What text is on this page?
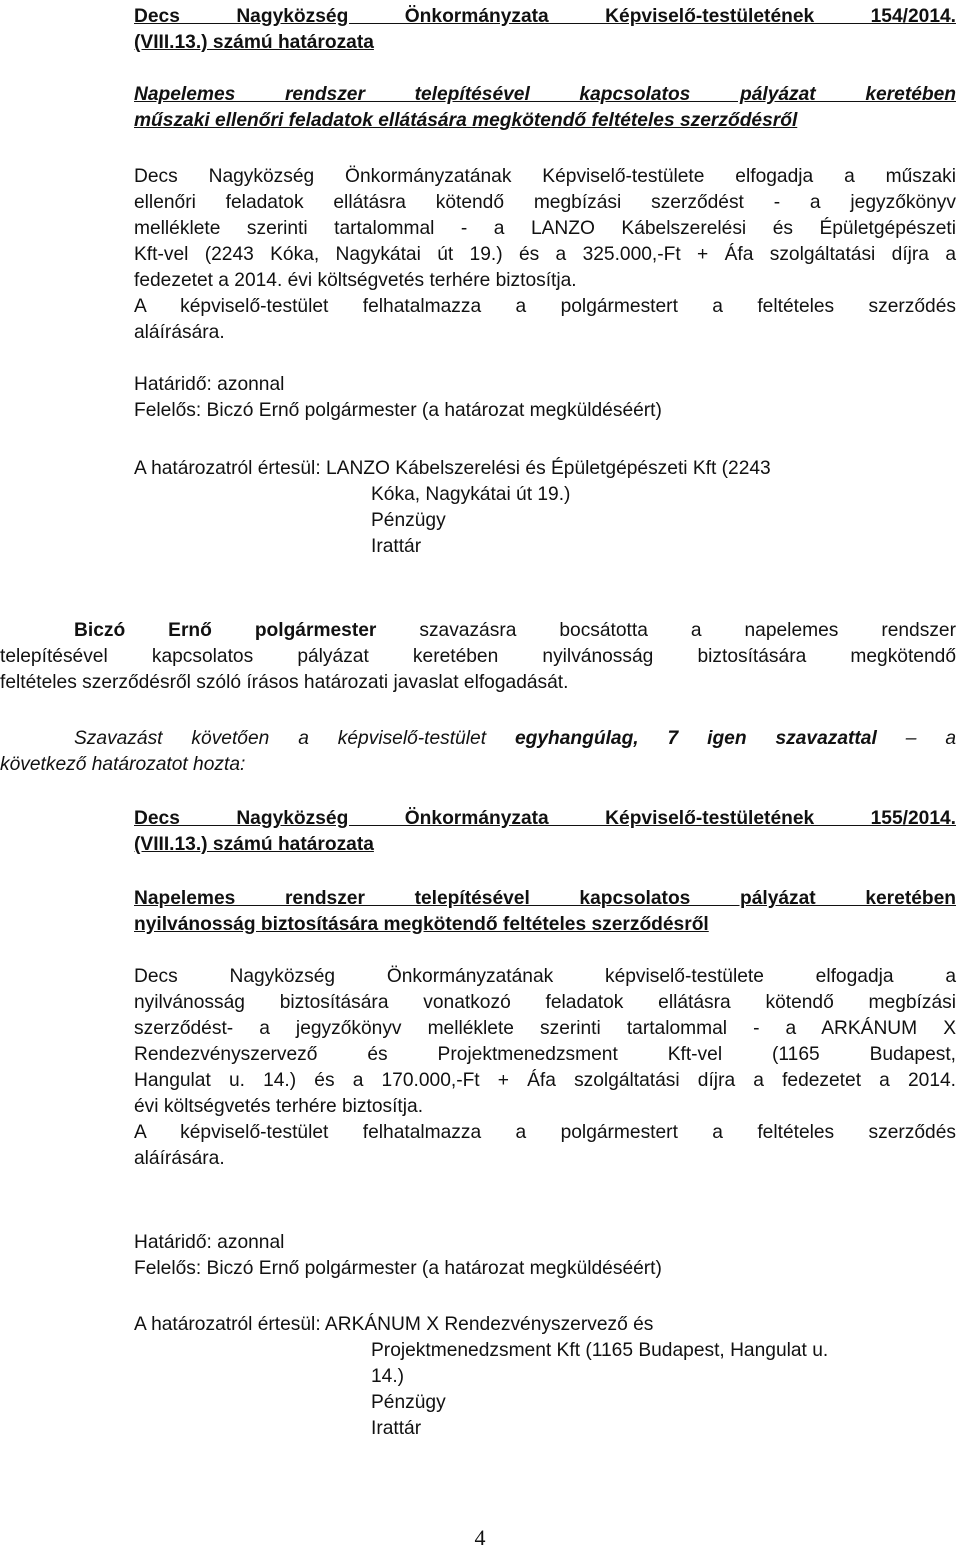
Decs Nagyközség Önkormányzata Képviselő-testületének 154/2014.
(VIII.13.) számú határozata
Napelemes rendszer telepítésével kapcsolatos pályázat keretében
műszaki ellenőri feladatok ellátására megkötendő feltételes szerződésről
Decs Nagyközség Önkormányzatának Képviselő-testülete elfogadja a műszaki
ellenőri feladatok ellátásra kötendő megbízási szerződést - a jegyzőkönyv
melléklete szerinti tartalommal - a LANZO Kábelszerelési és Épületgépészeti
Kft-vel (2243 Kóka, Nagykátai út 19.) és a 325.000,-Ft + Áfa szolgáltatási díjra a
fedezetet a 2014. évi költségvetés terhére biztosítja.
A képviselő-testület felhatalmazza a polgármestert a feltételes szerződés
aláírására.
Határidő: azonnal
Felelős: Biczó Ernő polgármester (a határozat megküldéséért)
A határozatról értesül: LANZO Kábelszerelési és Épületgépészeti Kft (2243
Kóka, Nagykátai út 19.)
Pénzügy
Irattár
Biczó Ernő polgármester szavazásra bocsátotta a napelemes rendszer
telepítésével kapcsolatos pályázat keretében nyilvánosság biztosítására megkötendő
feltételes szerződésről szóló írásos határozati javaslat elfogadását.
Szavazást követően a képviselő-testület egyhangúlag, 7 igen szavazattal – a
következő határozatot hozta:
Decs Nagyközség Önkormányzata Képviselő-testületének 155/2014.
(VIII.13.) számú határozata
Napelemes rendszer telepítésével kapcsolatos pályázat keretében
nyilvánosság biztosítására megkötendő feltételes szerződésről
Decs Nagyközség Önkormányzatának képviselő-testülete elfogadja a
nyilvánosság biztosítására vonatkozó feladatok ellátásra kötendő megbízási
szerződést- a jegyzőkönyv melléklete szerinti tartalommal - a ARKÁNUM X
Rendezvényszervező és Projektmenedzsment Kft-vel (1165 Budapest,
Hangulat u. 14.) és a 170.000,-Ft + Áfa szolgáltatási díjra a fedezetet a 2014.
évi költségvetés terhére biztosítja.
A képviselő-testület felhatalmazza a polgármestert a feltételes szerződés
aláírására.
Határidő: azonnal
Felelős: Biczó Ernő polgármester (a határozat megküldéséért)
A határozatról értesül: ARKÁNUM X Rendezvényszervező és
Projektmenedzsment Kft (1165 Budapest, Hangulat u.
14.)
Pénzügy
Irattár
4
